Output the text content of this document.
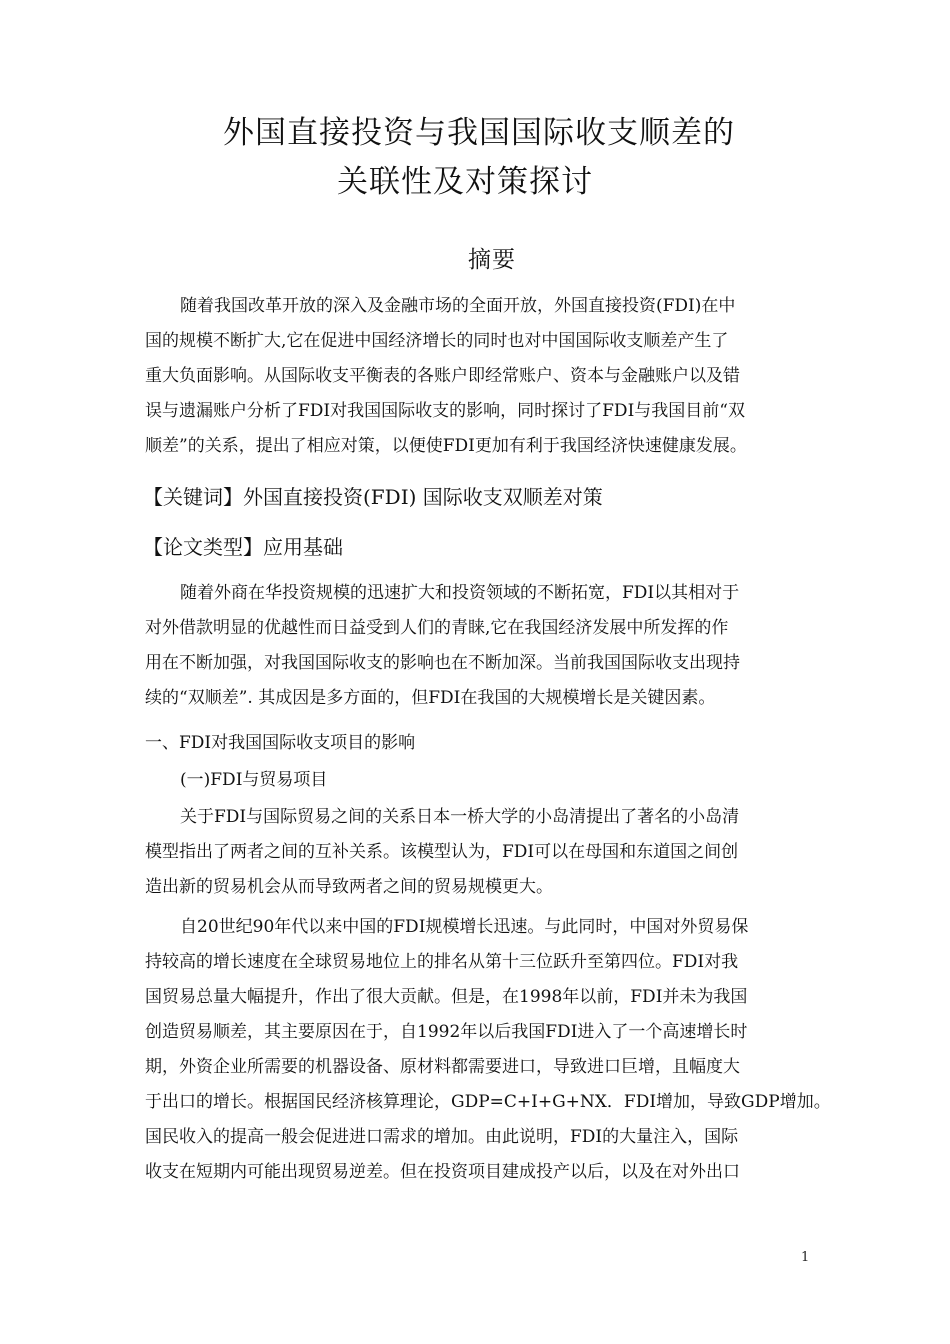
外国直接投资与我国国际收支顺差的
关联性及对策探讨
摘要
随着我国改革开放的深入及金融市场的全面开放，外国直接投资(FDI)在中
国的规模不断扩大,它在促进中国经济增长的同时也对中国国际收支顺差产生了
重大负面影响。从国际收支平衡表的各账户即经常账户、资本与金融账户以及错
误与遗漏账户分析了FDI对我国国际收支的影响，同时探讨了FDI与我国目前“双
顺差”的关系，提出了相应对策，以便使FDI更加有利于我国经济快速健康发展。
【关键词】外国直接投资(FDI) 国际收支双顺差对策
【论文类型】应用基础
随着外商在华投资规模的迅速扩大和投资领域的不断拓宽，FDI以其相对于
对外借款明显的优越性而日益受到人们的青睐,它在我国经济发展中所发挥的作
用在不断加强，对我国国际收支的影响也在不断加深。当前我国国际收支出现持
续的“双顺差”. 其成因是多方面的，但FDI在我国的大规模增长是关键因素。
一、FDI对我国国际收支项目的影响
(一)FDI与贸易项目
关于FDI与国际贸易之间的关系日本一桥大学的小岛清提出了著名的小岛清
模型指出了两者之间的互补关系。该模型认为，FDI可以在母国和东道国之间创
造出新的贸易机会从而导致两者之间的贸易规模更大。
自20世纪90年代以来中国的FDI规模增长迅速。与此同时，中国对外贸易保
持较高的增长速度在全球贸易地位上的排名从第十三位跃升至第四位。FDI对我
国贸易总量大幅提升，作出了很大贡献。但是，在1998年以前，FDI并未为我国
创造贸易顺差，其主要原因在于，自1992年以后我国FDI进入了一个高速增长时
期，外资企业所需要的机器设备、原材料都需要进口，导致进口巨增，且幅度大
于出口的增长。根据国民经济核算理论，GDP=C+I+G+NX．FDI增加，导致GDP增加。
国民收入的提高一般会促进进口需求的增加。由此说明，FDI的大量注入，国际
收支在短期内可能出现贸易逆差。但在投资项目建成投产以后，以及在对外出口
1
